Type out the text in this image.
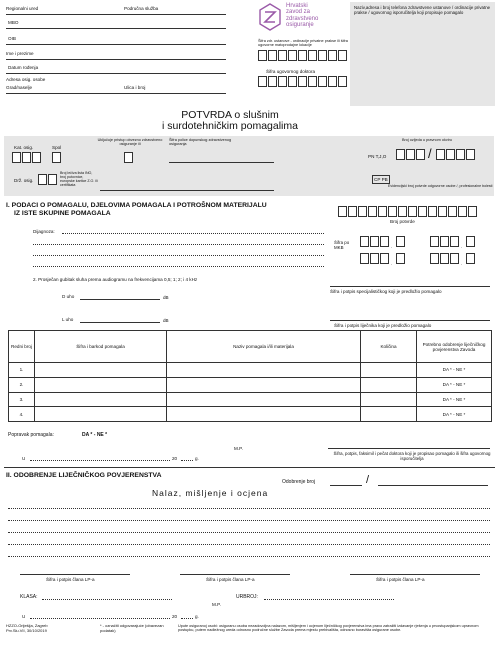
Regionalni ured	Područna služba
MBO
OIB
Ime i prezime
Datum rođenja
Adresa osig. osobe
Grad/naselje	Ulica i broj
Hrvatski
zavod za
zdravstveno
osiguranje
Šifra zdr. ustanove - ordinacije privatne prakse ili šifra ugovorne matoprodajne lokacije
Šifra ugovornog doktora
Naziv,adresa i broj telefona zdravstvene ustanove / ordinacije privatne prakse / ugovornog isporučitelja koji propisuje pomagalo
POTVRDA o slušnim
i surdotehničkim pomagalima
Kat. osig.	Spol
Uključuje pristup obvezno zdravstveno osiguranje ili
Šifra police dopunskog zdravstvenog osiguranja
Broj ozljeda u pravnom okviru
PN T,J,O	/
Drž. osig.
Broj lečiva lista INO, broj putovnice, europske kartice Z.O. ili certifikata
CP PB
Evidencijski broj potvrde odgovorne osobe /, profesionalne bolesti
I. PODACI O POMAGALU, DJELOVIMA POMAGALA I POTROŠNOM MATERIJALU
IZ ISTE SKUPINE POMAGALA
Broj potvrde
Dijagnoza:
Šifra po MKB	.	.
.	.
2. Prosječan gubitak sluha prema audiogramu na frekvencijama 0,5; 1; 2; i 4 kHz
Šifra i potpis specijalističkog koji je predložio pomagalo
D uho	dB
L uho	dB
Šifra i potpis liječnika koji je predložio pomagalo
Redni broj	Šifra i barkod pomagala	Naziv pomagala i/ili materijala	Količina	Potrebno odobrenje liječničkog povjerenstva Zavoda
1.				DA * - NE *
2.				DA * - NE *
3.				DA * - NE *
4.				DA * - NE *
Popravak pomagala:	DA * - NE *
M.P.
U	20	g.
Šifra, potpis, faksimil i pečat doktora koji je propisao pomagalo ili šifra ugovornog isporučitelja
II. ODOBRENJE LIJEČNIČKOG POVJERENSTVA
Odobrenje broj	/
Nalaz, mišljenje i ocjena
Šifra i potpis člana LP-a	Šifra i potpis člana LP-a	Šifra i potpis člana LP-a
KLASA:	URBROJ:
M.P.
U	20	g.
HZZO-Oriješija, Zagreb
Prv.Slu.VII, 30/10/2019
* - označiti odgovarajuće (obavezan podatak)
Upute osiguranoj osobi: osiguranu osoba nezadovoljna nalazom, mišljenjem i ocjenom liječničkog povjerenstva ima pravo zatražiti izdavanje rješenja u prvostupanjskom upravnom postupku, putem nadležnog ureda odnosno područne službe Zavoda prema mjestu prebivališta, odnosno boravišta osigurane osobe.
